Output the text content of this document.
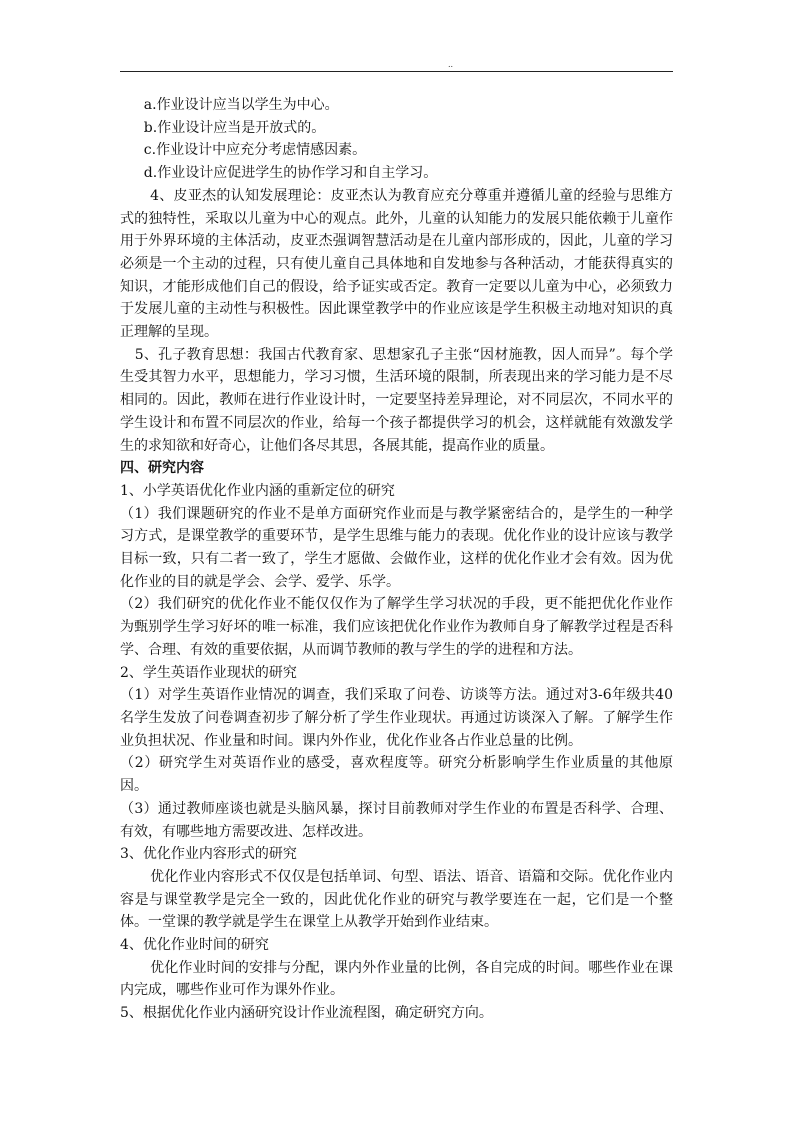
..

a.作业设计应当以学生为中心。

b.作业设计应当是开放式的。

c.作业设计中应充分考虑情感因素。

d.作业设计应促进学生的协作学习和自主学习。

4、皮亚杰的认知发展理论：皮亚杰认为教育应充分尊重并遵循儿童的经验与思维方式的独特性，采取以儿童为中心的观点。此外，儿童的认知能力的发展只能依赖于儿童作用于外界环境的主体活动，皮亚杰强调智慧活动是在儿童内部形成的，因此，儿童的学习必须是一个主动的过程，只有使儿童自己具体地和自发地参与各种活动，才能获得真实的知识，才能形成他们自己的假设，给予证实或否定。教育一定要以儿童为中心，必须致力于发展儿童的主动性与积极性。因此课堂教学中的作业应该是学生积极主动地对知识的真正理解的呈现。

5、孔子教育思想：我国古代教育家、思想家孔子主张“因材施教，因人而异”。每个学生受其智力水平，思想能力，学习习惯，生活环境的限制，所表现出来的学习能力是不尽相同的。因此，教师在进行作业设计时，一定要坚持差异理论，对不同层次，不同水平的学生设计和布置不同层次的作业，给每一个孩子都提供学习的机会，这样就能有效激发学生的求知欲和好奇心，让他们各尽其思，各展其能，提高作业的质量。

四、研究内容

1、小学英语优化作业内涵的重新定位的研究

（1）我们课题研究的作业不是单方面研究作业而是与教学紧密结合的，是学生的一种学习方式，是课堂教学的重要环节，是学生思维与能力的表现。优化作业的设计应该与教学目标一致，只有二者一致了，学生才愿做、会做作业，这样的优化作业才会有效。因为优化作业的目的就是学会、会学、爱学、乐学。

（2）我们研究的优化作业不能仅仅作为了解学生学习状况的手段，更不能把优化作业作为甄别学生学习好坏的唯一标准，我们应该把优化作业作为教师自身了解教学过程是否科学、合理、有效的重要依据，从而调节教师的教与学生的学的进程和方法。

2、学生英语作业现状的研究

（1）对学生英语作业情况的调查，我们采取了问卷、访谈等方法。通过对3-6年级共40名学生发放了问卷调查初步了解分析了学生作业现状。再通过访谈深入了解。了解学生作业负担状况、作业量和时间。课内外作业，优化作业各占作业总量的比例。

（2）研究学生对英语作业的感受，喜欢程度等。研究分析影响学生作业质量的其他原因。

（3）通过教师座谈也就是头脑风暴，探讨目前教师对学生作业的布置是否科学、合理、有效，有哪些地方需要改进、怎样改进。

3、优化作业内容形式的研究

优化作业内容形式不仅仅是包括单词、句型、语法、语音、语篇和交际。优化作业内容是与课堂教学是完全一致的，因此优化作业的研究与教学要连在一起，它们是一个整体。一堂课的教学就是学生在课堂上从教学开始到作业结束。

4、优化作业时间的研究

优化作业时间的安排与分配，课内外作业量的比例，各自完成的时间。哪些作业在课内完成，哪些作业可作为课外作业。

5、根据优化作业内涵研究设计作业流程图，确定研究方向。
